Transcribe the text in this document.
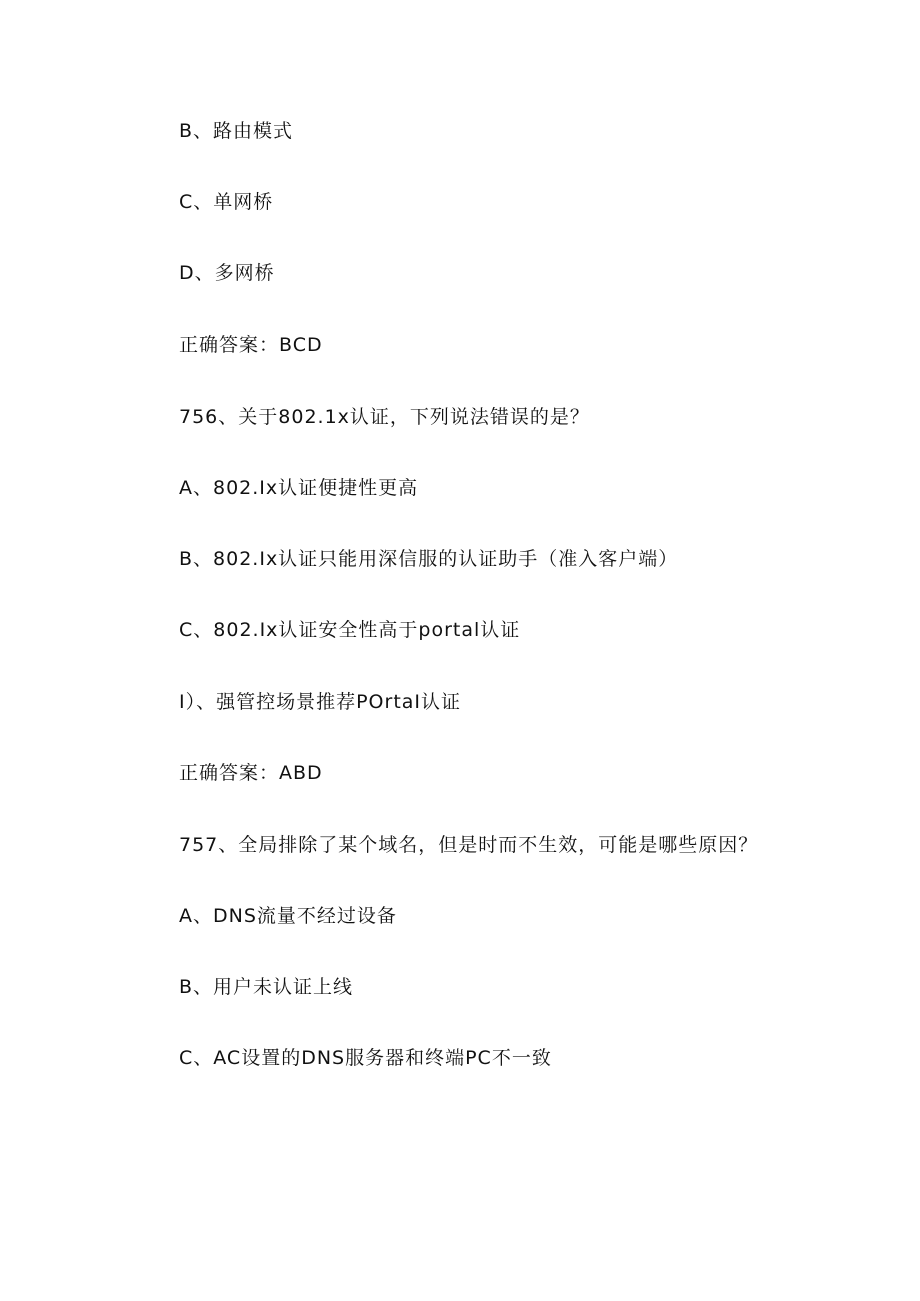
B、路由模式
C、单网桥
D、多网桥
正确答案：BCD
756、关于802.1x认证，下列说法错误的是？
A、802.Ix认证便捷性更高
B、802.Ix认证只能用深信服的认证助手（准入客户端）
C、802.Ix认证安全性高于portal认证
I）、强管控场景推荐POrtaI认证
正确答案：ABD
757、全局排除了某个域名，但是时而不生效，可能是哪些原因？
A、DNS流量不经过设备
B、用户未认证上线
C、AC设置的DNS服务器和终端PC不一致
